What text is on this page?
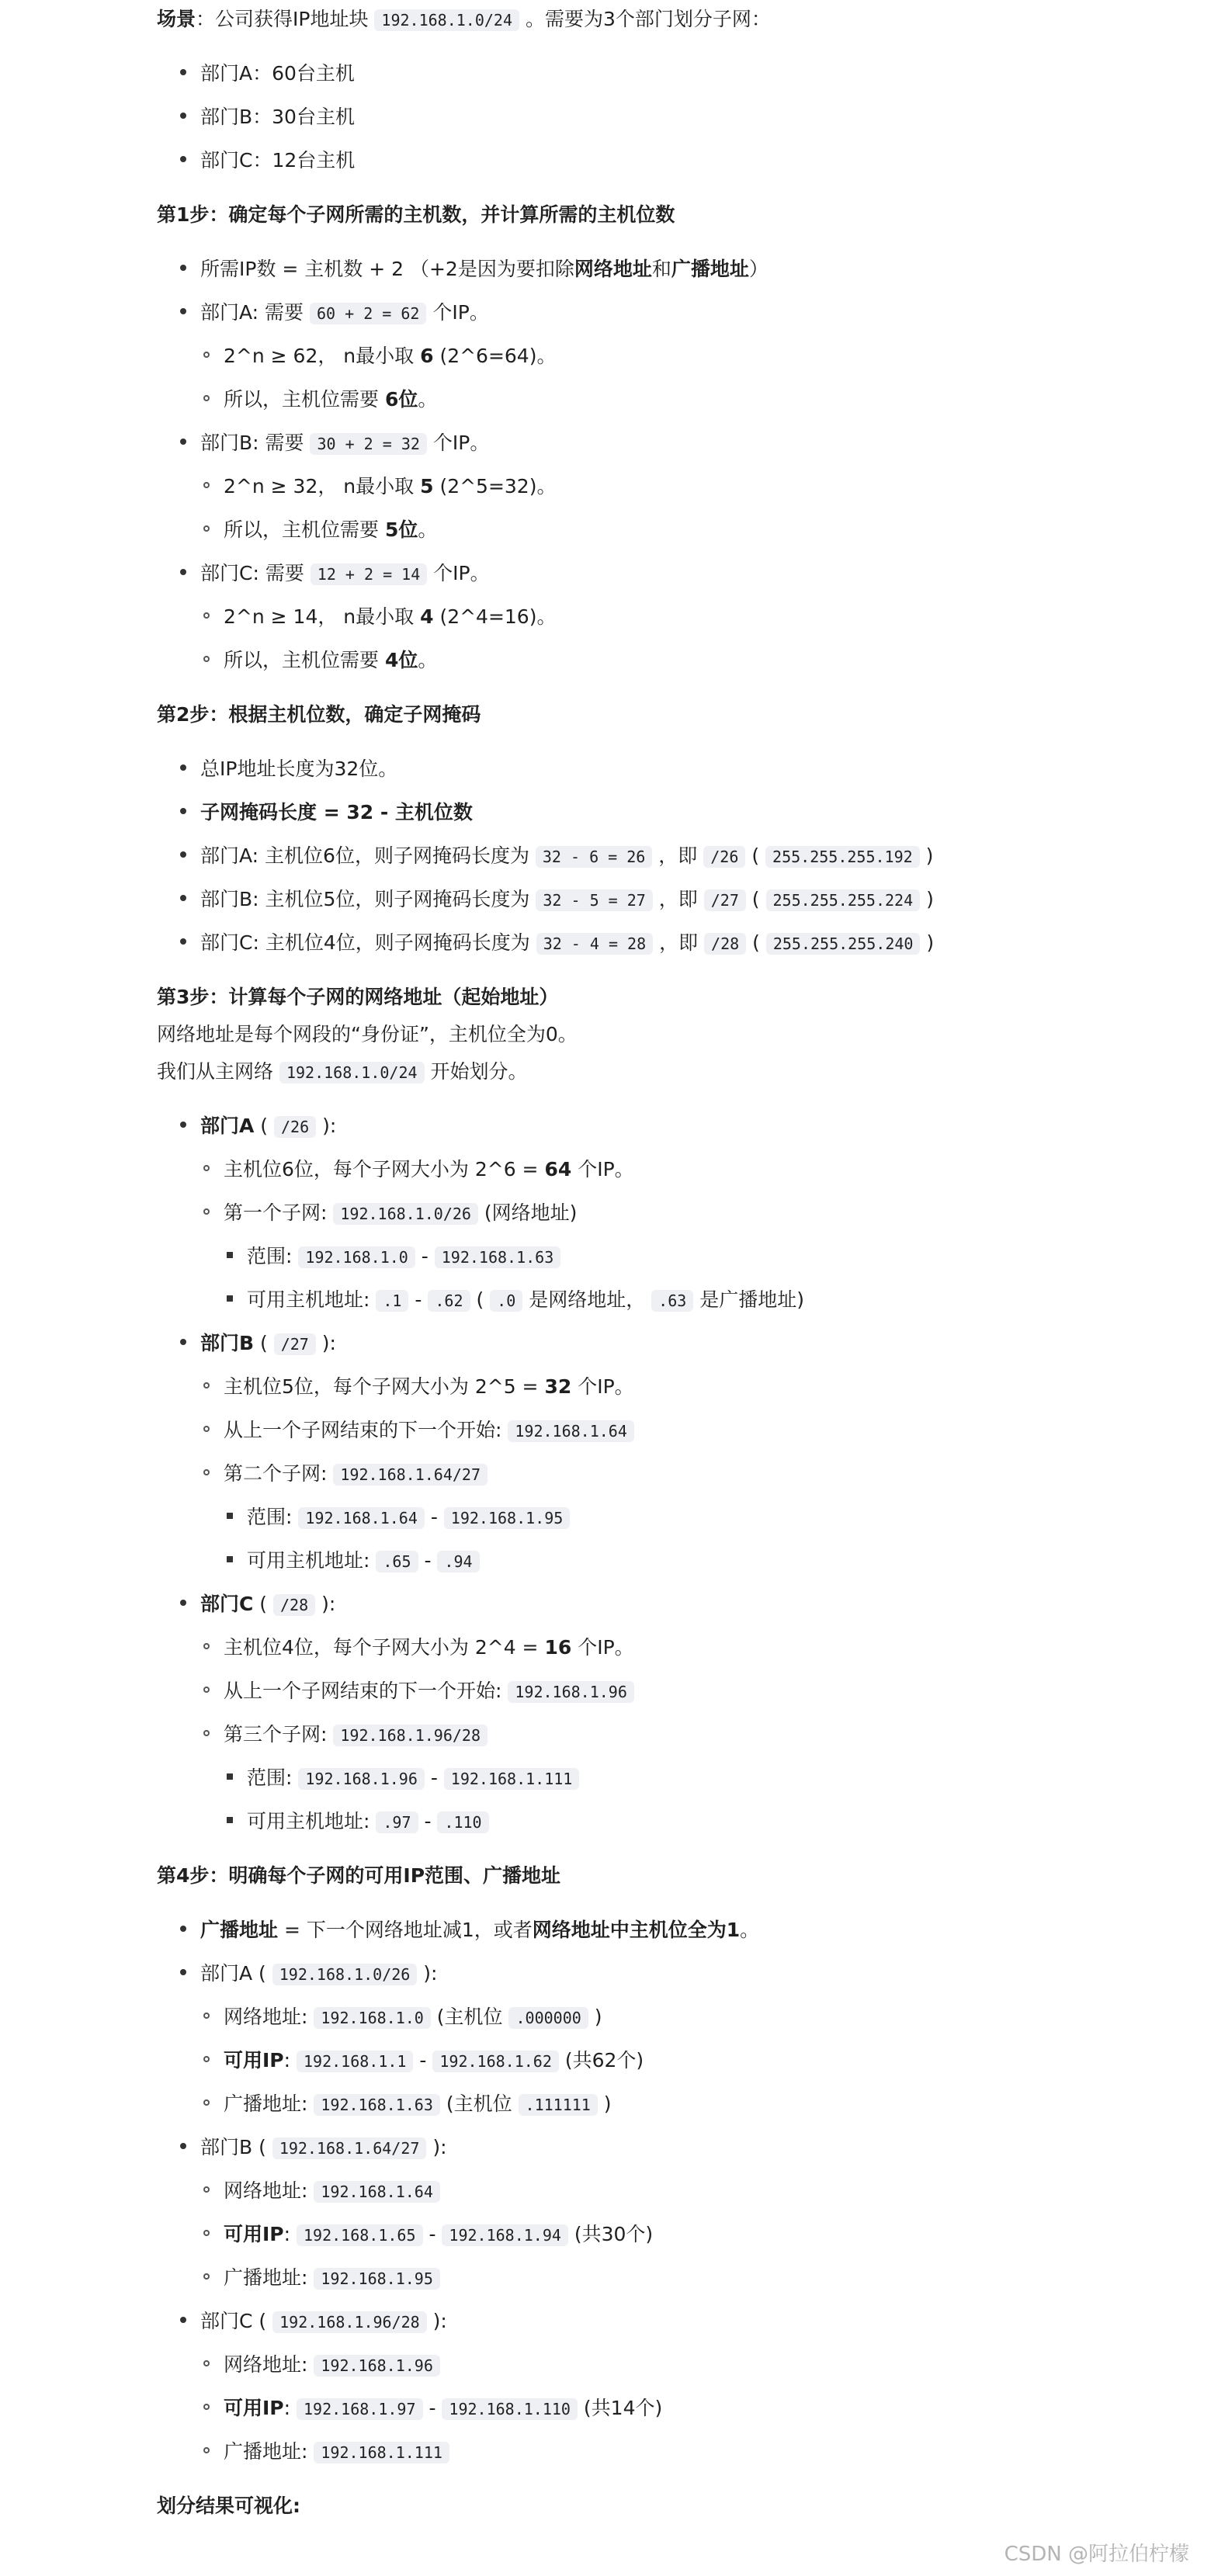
场景：公司获得IP地址块 192.168.1.0/24 。需要为3个部门划分子网：
部门A：60台主机
部门B：30台主机
部门C：12台主机
第1步：确定每个子网所需的主机数，并计算所需的主机位数
所需IP数 = 主机数 + 2 （+2是因为要扣除网络地址和广播地址）
部门A: 需要 60 + 2 = 62 个IP。
2^n ≥ 62， n最小取 6 (2^6=64)。
所以，主机位需要 6位。
部门B: 需要 30 + 2 = 32 个IP。
2^n ≥ 32， n最小取 5 (2^5=32)。
所以，主机位需要 5位。
部门C: 需要 12 + 2 = 14 个IP。
2^n ≥ 14， n最小取 4 (2^4=16)。
所以，主机位需要 4位。
第2步：根据主机位数，确定子网掩码
总IP地址长度为32位。
子网掩码长度 = 32 - 主机位数
部门A: 主机位6位，则子网掩码长度为 32 - 6 = 26 ，即 /26 ( 255.255.255.192 )
部门B: 主机位5位，则子网掩码长度为 32 - 5 = 27 ，即 /27 ( 255.255.255.224 )
部门C: 主机位4位，则子网掩码长度为 32 - 4 = 28 ，即 /28 ( 255.255.255.240 )
第3步：计算每个子网的网络地址（起始地址）
网络地址是每个网段的“身份证”，主机位全为0。
我们从主网络 192.168.1.0/24 开始划分。
部门A ( /26 ):
主机位6位，每个子网大小为 2^6 = 64 个IP。
第一个子网: 192.168.1.0/26 (网络地址)
范围: 192.168.1.0 - 192.168.1.63
可用主机地址: .1 - .62 ( .0 是网络地址， .63 是广播地址)
部门B ( /27 ):
主机位5位，每个子网大小为 2^5 = 32 个IP。
从上一个子网结束的下一个开始: 192.168.1.64
第二个子网: 192.168.1.64/27
范围: 192.168.1.64 - 192.168.1.95
可用主机地址: .65 - .94
部门C ( /28 ):
主机位4位，每个子网大小为 2^4 = 16 个IP。
从上一个子网结束的下一个开始: 192.168.1.96
第三个子网: 192.168.1.96/28
范围: 192.168.1.96 - 192.168.1.111
可用主机地址: .97 - .110
第4步：明确每个子网的可用IP范围、广播地址
广播地址 = 下一个网络地址减1，或者网络地址中主机位全为1。
部门A ( 192.168.1.0/26 ):
网络地址: 192.168.1.0 (主机位 .000000 )
可用IP: 192.168.1.1 - 192.168.1.62 (共62个)
广播地址: 192.168.1.63 (主机位 .111111 )
部门B ( 192.168.1.64/27 ):
网络地址: 192.168.1.64
可用IP: 192.168.1.65 - 192.168.1.94 (共30个)
广播地址: 192.168.1.95
部门C ( 192.168.1.96/28 ):
网络地址: 192.168.1.96
可用IP: 192.168.1.97 - 192.168.1.110 (共14个)
广播地址: 192.168.1.111
划分结果可视化:
CSDN @阿拉伯柠檬
